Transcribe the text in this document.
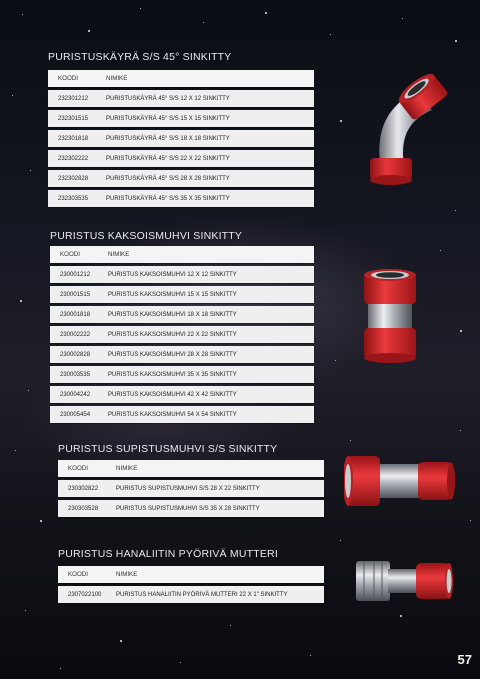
PURISTUSKÄYRÄ S/S 45° SINKITTY
KOODI	NIMIKE
232301212	PURISTUSKÄYRÄ 45° S/S 12 X 12 SINKITTY
232301515	PURISTUSKÄYRÄ 45° S/S 15 X 15 SINKITTY
232301818	PURISTUSKÄYRÄ 45° S/S 18 X 18 SINKITTY
232302222	PURISTUSKÄYRÄ 45° S/S 22 X 22 SINKITTY
232302828	PURISTUSKÄYRÄ 45° S/S 28 X 28 SINKITTY
232303535	PURISTUSKÄYRÄ 45° S/S 35 X 35 SINKITTY
PURISTUS KAKSOISMUHVI SINKITTY
KOODI	NIMIKE
230001212	PURISTUS KAKSOISMUHVI 12 X 12 SINKITTY
230001515	PURISTUS KAKSOISMUHVI 15 X 15 SINKITTY
230001818	PURISTUS KAKSOISMUHVI 18 X 18 SINKITTY
230002222	PURISTUS KAKSOISMUHVI 22 X 22 SINKITTY
230002828	PURISTUS KAKSOISMUHVI 28 X 28 SINKITTY
230003535	PURISTUS KAKSOISMUHVI 35 X 35 SINKITTY
230004242	PURISTUS KAKSOISMUHVI 42 X 42 SINKITTY
230005454	PURISTUS KAKSOISMUHVI 54 X 54 SINKITTY
PURISTUS SUPISTUSMUHVI S/S SINKITTY
KOODI	NIMIKE
230302822	PURISTUS SUPISTUSMUHVI S/S 28 X 22 SINKITTY
230303528	PURISTUS SUPISTUSMUHVI S/S 35 X 28 SINKITTY
PURISTUS HANALIITIN PYÖRIVÄ MUTTERI
KOODI	NIMIKE
2307022100	PURISTUS HANALIITIN PYÖRIVÄ MUTTERI 22 X 1" SINKITTY
57
